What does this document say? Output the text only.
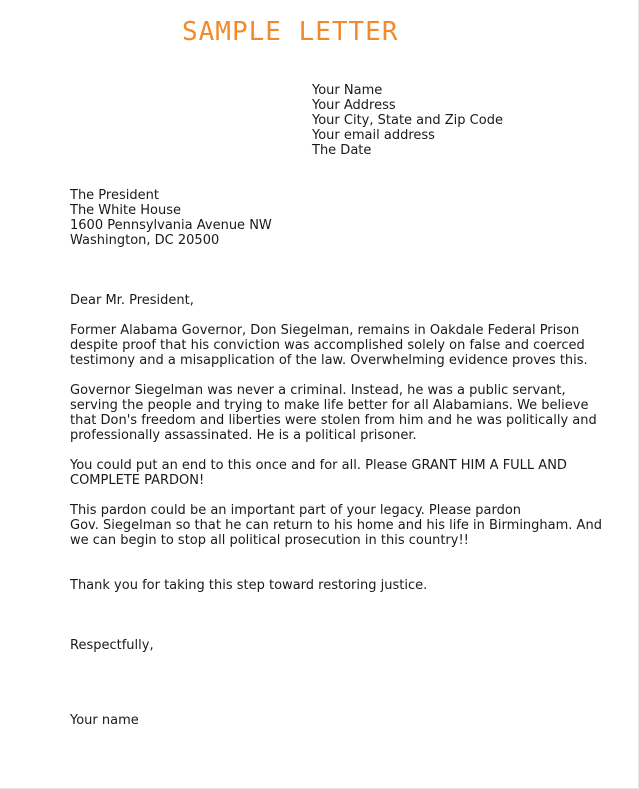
SAMPLE LETTER
Your Name
Your Address
Your City, State and Zip Code
Your email address
The Date
The President
The White House
1600 Pennsylvania Avenue NW
Washington, DC 20500
Dear Mr. President,
Former Alabama Governor, Don Siegelman, remains in Oakdale Federal Prison
despite proof that his conviction was accomplished solely on false and coerced
testimony and a misapplication of the law. Overwhelming evidence proves this.
Governor Siegelman was never a criminal. Instead, he was a public servant,
serving the people and trying to make life better for all Alabamians. We believe
that Don's freedom and liberties were stolen from him and he was politically and
professionally assassinated. He is a political prisoner.
You could put an end to this once and for all. Please GRANT HIM A FULL AND
COMPLETE PARDON!
This pardon could be an important part of your legacy. Please pardon
Gov. Siegelman so that he can return to his home and his life in Birmingham. And
we can begin to stop all political prosecution in this country!!
Thank you for taking this step toward restoring justice.
Respectfully,
Your name
